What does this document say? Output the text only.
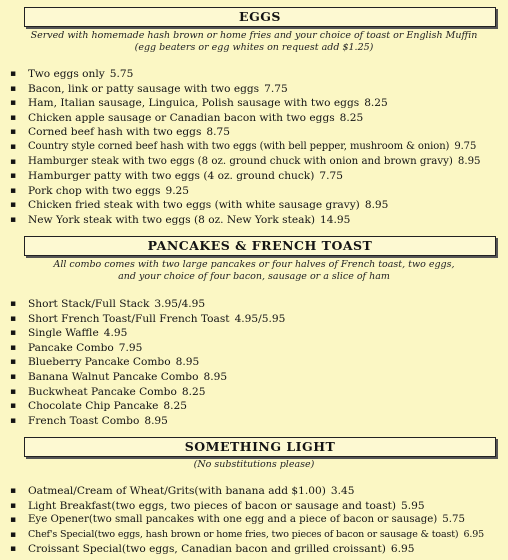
EGGS
Served with homemade hash brown or home fries and your choice of toast or English Muffin
(egg beaters or egg whites on request add $1.25)
▪ Two eggs only 5.75
▪ Bacon, link or patty sausage with two eggs 7.75
▪ Ham, Italian sausage, Linguica, Polish sausage with two eggs 8.25
▪ Chicken apple sausage or Canadian bacon with two eggs 8.25
▪ Corned beef hash with two eggs 8.75
▪ Country style corned beef hash with two eggs (with bell pepper, mushroom & onion) 9.75
▪ Hamburger steak with two eggs (8 oz. ground chuck with onion and brown gravy) 8.95
▪ Hamburger patty with two eggs (4 oz. ground chuck) 7.75
▪ Pork chop with two eggs 9.25
▪ Chicken fried steak with two eggs (with white sausage gravy) 8.95
▪ New York steak with two eggs (8 oz. New York steak) 14.95
PANCAKES & FRENCH TOAST
All combo comes with two large pancakes or four halves of French toast, two eggs,
and your choice of four bacon, sausage or a slice of ham
▪ Short Stack/Full Stack 3.95/4.95
▪ Short French Toast/Full French Toast 4.95/5.95
▪ Single Waffle 4.95
▪ Pancake Combo 7.95
▪ Blueberry Pancake Combo 8.95
▪ Banana Walnut Pancake Combo 8.95
▪ Buckwheat Pancake Combo 8.25
▪ Chocolate Chip Pancake 8.25
▪ French Toast Combo 8.95
SOMETHING LIGHT
(No substitutions please)
▪ Oatmeal/Cream of Wheat/Grits(with banana add $1.00) 3.45
▪ Light Breakfast(two eggs, two pieces of bacon or sausage and toast) 5.95
▪ Eye Opener(two small pancakes with one egg and a piece of bacon or sausage) 5.75
▪ Chef's Special(two eggs, hash brown or home fries, two pieces of bacon or sausage & toast) 6.95
▪ Croissant Special(two eggs, Canadian bacon and grilled croissant) 6.95
